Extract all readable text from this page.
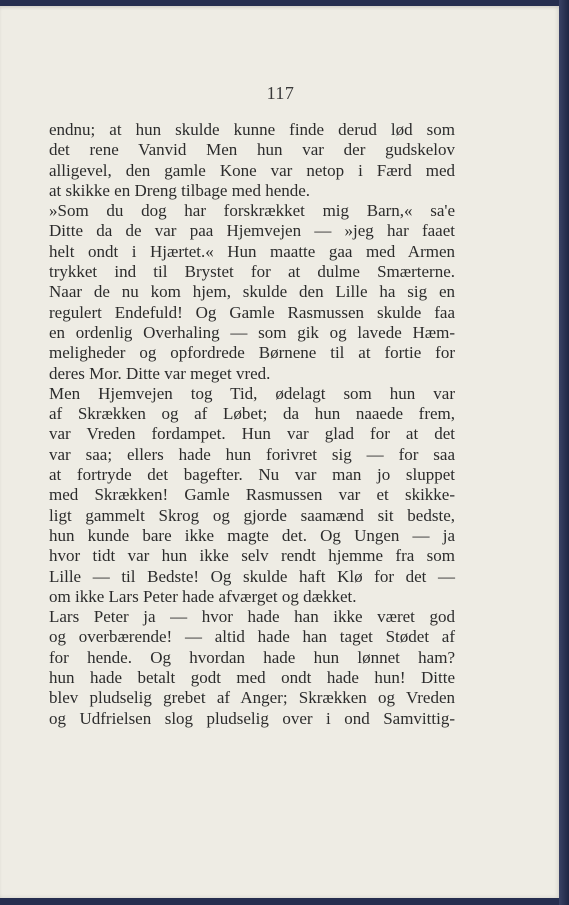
117
endnu; at hun skulde kunne finde derud lød som
det rene Vanvid Men hun var der gudskelov
alligevel, den gamle Kone var netop i Færd med
at skikke en Dreng tilbage med hende.
»Som du dog har forskrækket mig Barn,« sa'e
Ditte da de var paa Hjemvejen — »jeg har faaet
helt ondt i Hjærtet.« Hun maatte gaa med Armen
trykket ind til Brystet for at dulme Smærterne.
Naar de nu kom hjem, skulde den Lille ha sig en
regulert Endefuld! Og Gamle Rasmussen skulde faa
en ordenlig Overhaling — som gik og lavede Hæm-
meligheder og opfordrede Børnene til at fortie for
deres Mor. Ditte var meget vred.
Men Hjemvejen tog Tid, ødelagt som hun var
af Skrækken og af Løbet; da hun naaede frem,
var Vreden fordampet. Hun var glad for at det
var saa; ellers hade hun forivret sig — for saa
at fortryde det bagefter. Nu var man jo sluppet
med Skrækken! Gamle Rasmussen var et skikke-
ligt gammelt Skrog og gjorde saamænd sit bedste,
hun kunde bare ikke magte det. Og Ungen — ja
hvor tidt var hun ikke selv rendt hjemme fra som
Lille — til Bedste! Og skulde haft Klø for det —
om ikke Lars Peter hade afværget og dækket.
Lars Peter ja — hvor hade han ikke været god
og overbærende! — altid hade han taget Stødet af
for hende. Og hvordan hade hun lønnet ham?
hun hade betalt godt med ondt hade hun! Ditte
blev pludselig grebet af Anger; Skrækken og Vreden
og Udfrielsen slog pludselig over i ond Samvittig-
